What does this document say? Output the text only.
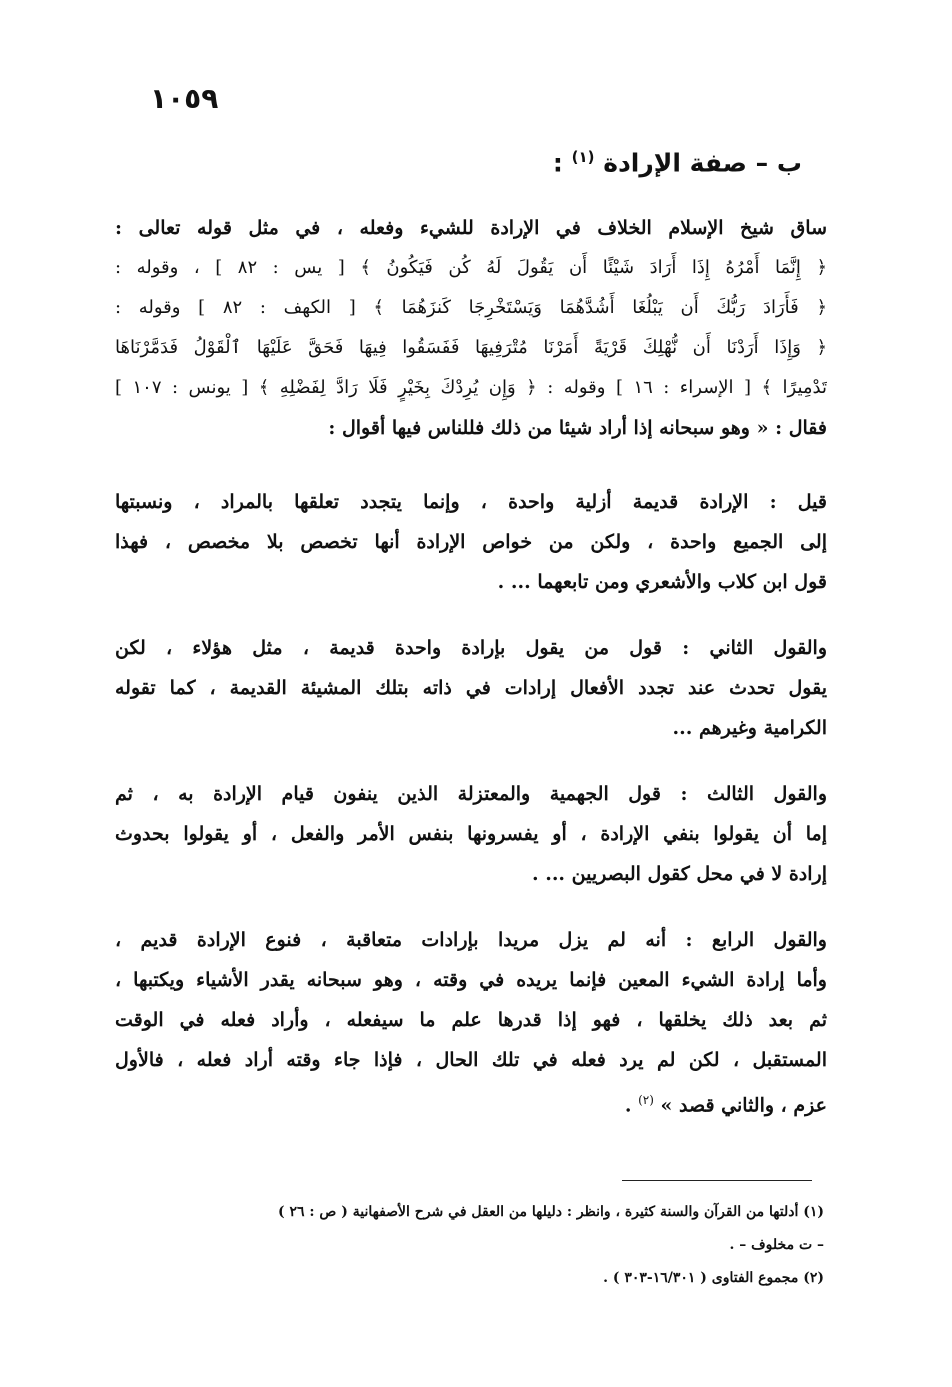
١٠٥٩
ب – صفة الإرادة $^{(١)}$ :
ساق شيخ الإسلام الخلاف في الإرادة للشيء وفعله ، في مثل قوله تعالى :
﴿ إِنَّمَا أَمْرُهُ إِذَا أَرَادَ شَيْئًا أَن يَقُولَ لَهُ كُن فَيَكُونُ ﴾ [ يس : ٨٢ ] ، وقوله :
﴿ فَأَرَادَ رَبُّكَ أَن يَبْلُغَا أَشُدَّهُمَا وَيَسْتَخْرِجَا كَنزَهُمَا ﴾ [ الكهف : ٨٢ ] وقوله :
﴿ وَإِذَا أَرَدْنَا أَن نُّهْلِكَ قَرْيَةً أَمَرْنَا مُتْرَفِيهَا فَفَسَقُوا فِيهَا فَحَقَّ عَلَيْهَا ٱلْقَوْلُ فَدَمَّرْنَاهَا
تَدْمِيرًا ﴾ [ الإسراء : ١٦ ] وقوله : ﴿ وَإِن يُرِدْكَ بِخَيْرٍ فَلَا رَادَّ لِفَضْلِهِ ﴾ [ يونس : ١٠٧ ]
فقال : « وهو سبحانه إذا أراد شيئا من ذلك فللناس فيها أقوال :
قيل : الإرادة قديمة أزلية واحدة ، وإنما يتجدد تعلقها بالمراد ، ونسبتها
إلى الجميع واحدة ، ولكن من خواص الإرادة أنها تخصص بلا مخصص ، فهذا
قول ابن كلاب والأشعري ومن تابعهما ... .
والقول الثاني : قول من يقول بإرادة واحدة قديمة ، مثل هؤلاء ، لكن
يقول تحدث عند تجدد الأفعال إرادات في ذاته بتلك المشيئة القديمة ، كما تقوله
الكرامية وغيرهم ...
والقول الثالث : قول الجهمية والمعتزلة الذين ينفون قيام الإرادة به ، ثم
إما أن يقولوا بنفي الإرادة ، أو يفسرونها بنفس الأمر والفعل ، أو يقولوا بحدوث
إرادة لا في محل كقول البصريين ... .
والقول الرابع : أنه لم يزل مريدا بإرادات متعاقبة ، فنوع الإرادة قديم ،
وأما إرادة الشيء المعين فإنما يريده في وقته ، وهو سبحانه يقدر الأشياء ويكتبها ،
ثم بعد ذلك يخلقها ، فهو إذا قدرها علم ما سيفعله ، وأراد فعله في الوقت
المستقبل ، لكن لم يرد فعله في تلك الحال ، فإذا جاء وقته أراد فعله ، فالأول
عزم ، والثاني قصد » $^{(٢)}$ .
(١) أدلتها من القرآن والسنة كثيرة ، وانظر : دليلها من العقل في شرح الأصفهانية ( ص : ٢٦ )
– ت مخلوف – .
(٢) مجموع الفتاوى ( ١٦/٣٠١-٣٠٣ ) .
